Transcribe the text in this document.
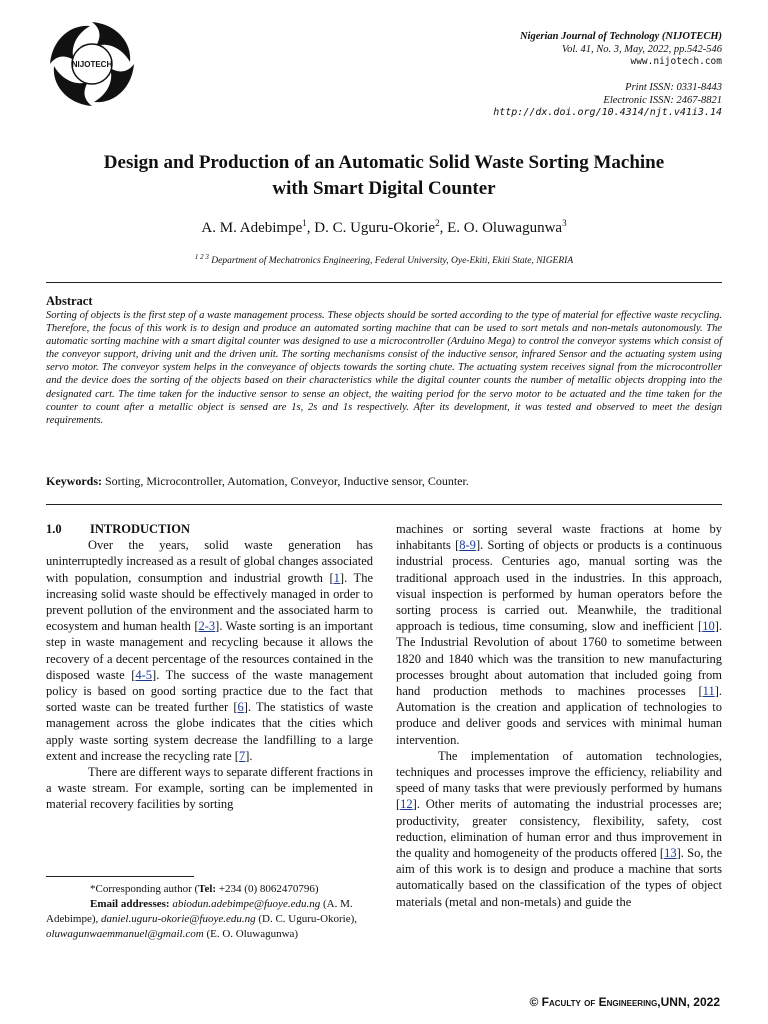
NIJOTECH
Nigerian Journal of Technology (NIJOTECH)
Vol. 41, No. 3, May, 2022, pp.542-546
www.nijotech.com
Print ISSN: 0331-8443
Electronic ISSN: 2467-8821
http://dx.doi.org/10.4314/njt.v41i3.14
Design and Production of an Automatic Solid Waste Sorting Machine
with Smart Digital Counter
A. M. Adebimpe$^1$, D. C. Uguru-Okorie$^2$, E. O. Oluwagunwa$^3$
$^{1 2 3}$ Department of Mechatronics Engineering, Federal University, Oye-Ekiti, Ekiti State, NIGERIA
Abstract
Sorting of objects is the first step of a waste management process. These objects should be sorted according to the type of material for effective waste recycling. Therefore, the focus of this work is to design and produce an automated sorting machine that can be used to sort metals and non-metals autonomously. The automatic sorting machine with a smart digital counter was designed to use a microcontroller (Arduino Mega) to control the conveyor systems which consist of the conveyor support, driving unit and the driven unit. The sorting mechanisms consist of the inductive sensor, infrared Sensor and the actuating system using servo motor. The conveyor system helps in the conveyance of objects towards the sorting chute. The actuating system receives signal from the microcontroller and the device does the sorting of the objects based on their characteristics while the digital counter counts the number of metallic objects dropping into the designated cart. The time taken for the inductive sensor to sense an object, the waiting period for the servo motor to be actuated and the time taken for the counter to count after a metallic object is sensed are 1s, 2s and 1s respectively. After its development, it was tested and observed to meet the design requirements.
Keywords: Sorting, Microcontroller, Automation, Conveyor, Inductive sensor, Counter.
1.0 INTRODUCTION

Over the years, solid waste generation has uninterruptedly increased as a result of global changes associated with population, consumption and industrial growth [1]. The increasing solid waste should be effectively managed in order to prevent pollution of the environment and the associated harm to ecosystem and human health [2-3]. Waste sorting is an important step in waste management and recycling because it allows the recovery of a decent percentage of the resources contained in the disposed waste [4-5]. The success of the waste management policy is based on good sorting practice due to the fact that sorted waste can be treated further [6]. The statistics of waste management across the globe indicates that the cities which apply waste sorting system decrease the landfilling to a large extent and increase the recycling rate [7].

There are different ways to separate different fractions in a waste stream. For example, sorting can be implemented in material recovery facilities by sorting

*Corresponding author (Tel: +234 (0) 8062470796)
Email addresses: abiodun.adebimpe@fuoye.edu.ng (A. M. Adebimpe), daniel.uguru-okorie@fuoye.edu.ng (D. C. Uguru-Okorie), oluwagunwaemmanuel@gmail.com (E. O. Oluwagunwa)

machines or sorting several waste fractions at home by inhabitants [8-9]. Sorting of objects or products is a continuous industrial process. Centuries ago, manual sorting was the traditional approach used in the industries. In this approach, visual inspection is performed by human operators before the sorting process is carried out. Meanwhile, the traditional approach is tedious, time consuming, slow and inefficient [10]. The Industrial Revolution of about 1760 to sometime between 1820 and 1840 which was the transition to new manufacturing processes brought about automation that included going from hand production methods to machines processes [11]. Automation is the creation and application of technologies to produce and deliver goods and services with minimal human intervention.

The implementation of automation technologies, techniques and processes improve the efficiency, reliability and speed of many tasks that were previously performed by humans [12]. Other merits of automating the industrial processes are; productivity, greater consistency, flexibility, safety, cost reduction, elimination of human error and thus improvement in the quality and homogeneity of the products offered [13]. So, the aim of this work is to design and produce a machine that sorts automatically based on the classification of the types of object materials (metal and non-metals) and guide the

© Faculty of Engineering,UNN, 2022
